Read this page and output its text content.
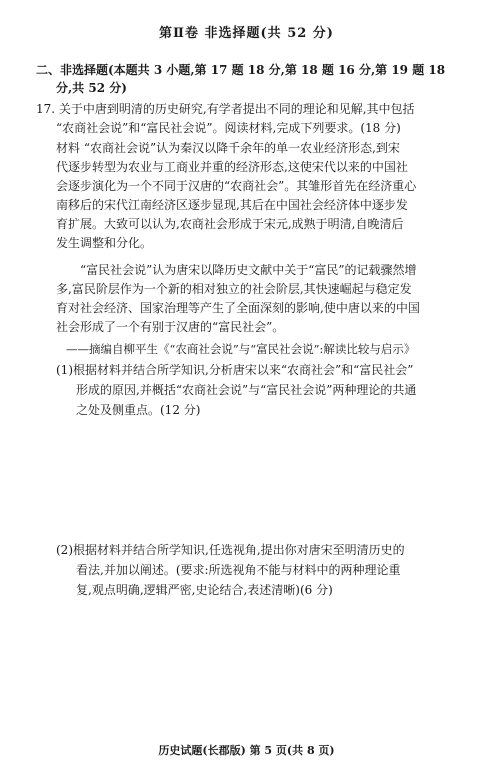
第Ⅱ卷 非选择题(共 52 分)
二、非选择题(本题共 3 小题,第 17 题 18 分,第 18 题 16 分,第 19 题 18
分,共 52 分)
17. 关于中唐到明清的历史研究,有学者提出不同的理论和见解,其中包括
“农商社会说”和“富民社会说”。阅读材料,完成下列要求。(18 分)
材料 “农商社会说”认为秦汉以降千余年的单一农业经济形态,到宋
代逐步转型为农业与工商业并重的经济形态,这使宋代以来的中国社
会逐步演化为一个不同于汉唐的“农商社会”。其雏形首先在经济重心
南移后的宋代江南经济区逐步显现,其后在中国社会经济体中逐步发
育扩展。大致可以认为,农商社会形成于宋元,成熟于明清,自晚清后
发生调整和分化。
“富民社会说”认为唐宋以降历史文献中关于“富民”的记载骤然增
多,富民阶层作为一个新的相对独立的社会阶层,其快速崛起与稳定发
育对社会经济、国家治理等产生了全面深刻的影响,使中唐以来的中国
社会形成了一个有别于汉唐的“富民社会”。
——摘编自柳平生《“农商社会说”与“富民社会说”:解读比较与启示》
(1)根据材料并结合所学知识,分析唐宋以来“农商社会”和“富民社会”
形成的原因,并概括“农商社会说”与“富民社会说”两种理论的共通
之处及侧重点。(12 分)
(2)根据材料并结合所学知识,任选视角,提出你对唐宋至明清历史的
看法,并加以阐述。(要求:所选视角不能与材料中的两种理论重
复,观点明确,逻辑严密,史论结合,表述清晰)(6 分)
历史试题(长郡版) 第 5 页(共 8 页)
